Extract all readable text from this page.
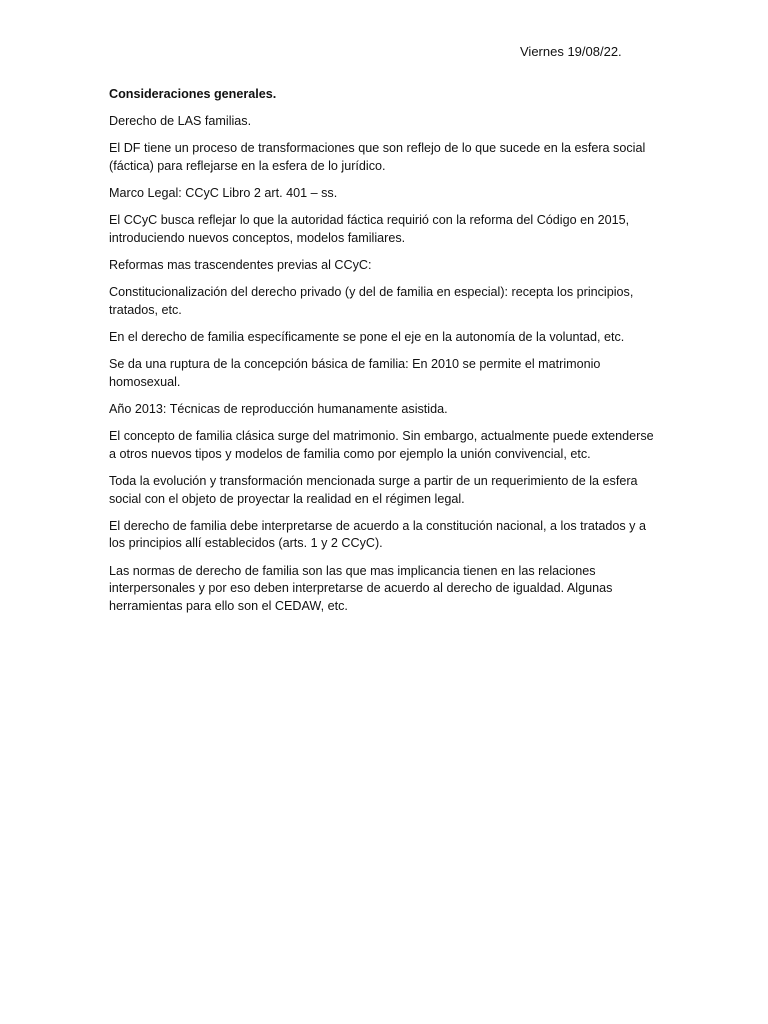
Viernes 19/08/22.

Consideraciones generales.

Derecho de LAS familias.

El DF tiene un proceso de transformaciones que son reflejo de lo que sucede en la esfera social (fáctica) para reflejarse en la esfera de lo jurídico.

Marco Legal: CCyC Libro 2 art. 401 – ss.

El CCyC busca reflejar lo que la autoridad fáctica requirió con la reforma del Código en 2015, introduciendo nuevos conceptos, modelos familiares.

Reformas mas trascendentes previas al CCyC:

Constitucionalización del derecho privado (y del de familia en especial): recepta los principios, tratados, etc.

En el derecho de familia específicamente se pone el eje en la autonomía de la voluntad, etc.

Se da una ruptura de la concepción básica de familia: En 2010 se permite el matrimonio homosexual.

Año 2013: Técnicas de reproducción humanamente asistida.

El concepto de familia clásica surge del matrimonio. Sin embargo, actualmente puede extenderse a otros nuevos tipos y modelos de familia como por ejemplo la unión convivencial, etc.

Toda la evolución y transformación mencionada surge a partir de un requerimiento de la esfera social con el objeto de proyectar la realidad en el régimen legal.

El derecho de familia debe interpretarse de acuerdo a la constitución nacional, a los tratados y a los principios allí establecidos (arts. 1 y 2 CCyC).

Las normas de derecho de familia son las que mas implicancia tienen en las relaciones interpersonales y por eso deben interpretarse de acuerdo al derecho de igualdad. Algunas herramientas para ello son el CEDAW, etc.
